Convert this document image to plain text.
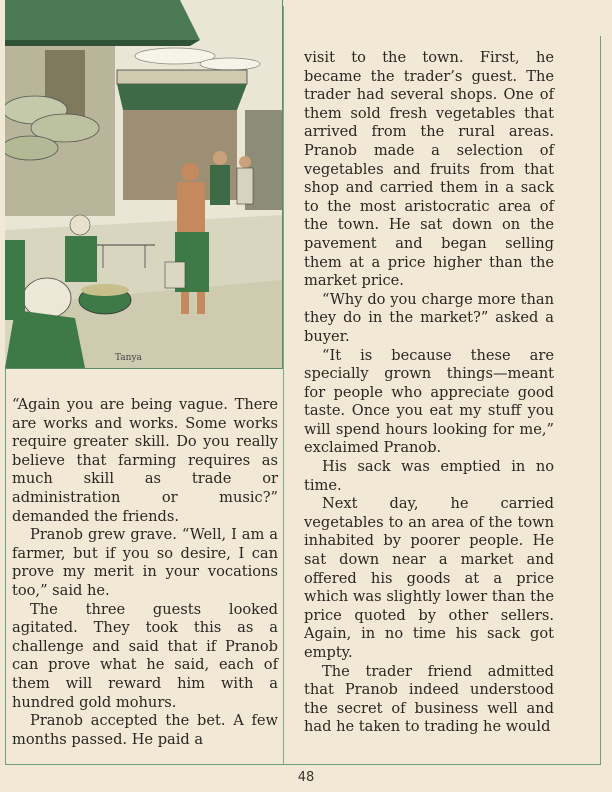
Tanya

“Again you are being vague. There are works and works. Some works require greater skill. Do you really believe that farming requires as much skill as trade or administration or music?” demanded the friends.

Pranob grew grave. “Well, I am a farmer, but if you so desire, I can prove my merit in your vocations too,” said he.

The three guests looked agitated. They took this as a challenge and said that if Pranob can prove what he said, each of them will reward him with a hundred gold mohurs.

Pranob accepted the bet. A few months passed. He paid a

visit to the town. First, he became the trader’s guest. The trader had several shops. One of them sold fresh vegetables that arrived from the rural areas. Pranob made a selection of vegetables and fruits from that shop and carried them in a sack to the most aristocratic area of the town. He sat down on the pavement and began selling them at a price higher than the market price.

“Why do you charge more than they do in the market?” asked a buyer.

“It is because these are specially grown things—meant for people who appreciate good taste. Once you eat my stuff you will spend hours looking for me,” exclaimed Pranob.

His sack was emptied in no time.

Next day, he carried vegetables to an area of the town inhabited by poorer people. He sat down near a market and offered his goods at a price which was slightly lower than the price quoted by other sellers. Again, in no time his sack got empty.

The trader friend admitted that Pranob indeed understood the secret of business well and had he taken to trading he would

48
